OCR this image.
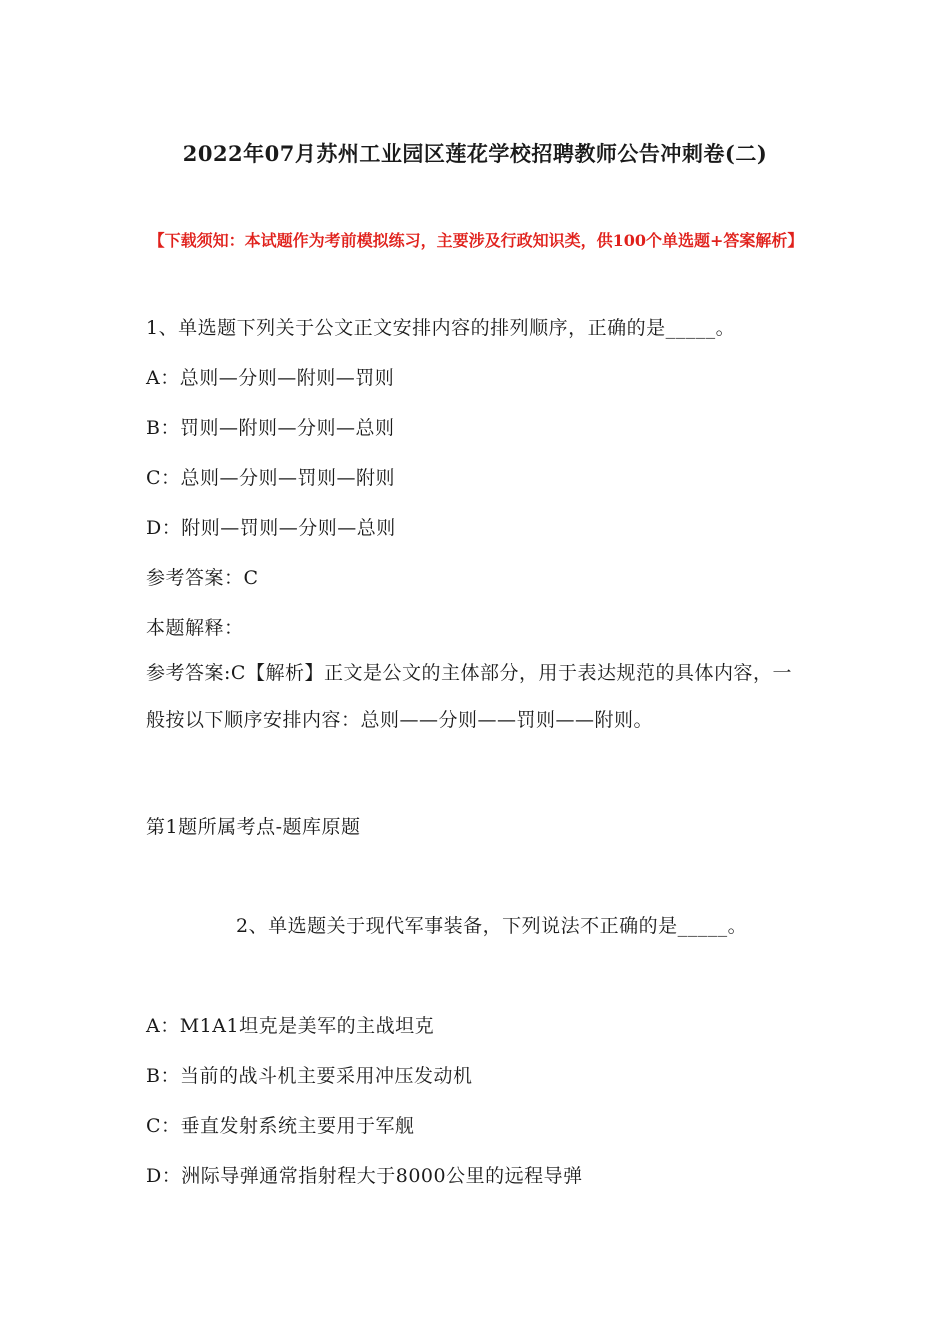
2022年07月苏州工业园区莲花学校招聘教师公告冲刺卷(二)
【下载须知：本试题作为考前模拟练习，主要涉及行政知识类，供100个单选题+答案解析】
1、单选题下列关于公文正文安排内容的排列顺序，正确的是_____。
A：总则—分则—附则—罚则
B：罚则—附则—分则—总则
C：总则—分则—罚则—附则
D：附则—罚则—分则—总则
参考答案：C
本题解释：
参考答案:C【解析】正文是公文的主体部分，用于表达规范的具体内容，一般按以下顺序安排内容：总则——分则——罚则——附则。
第1题所属考点-题库原题
2、单选题关于现代军事装备，下列说法不正确的是_____。
A：M1A1坦克是美军的主战坦克
B：当前的战斗机主要采用冲压发动机
C：垂直发射系统主要用于军舰
D：洲际导弹通常指射程大于8000公里的远程导弹
